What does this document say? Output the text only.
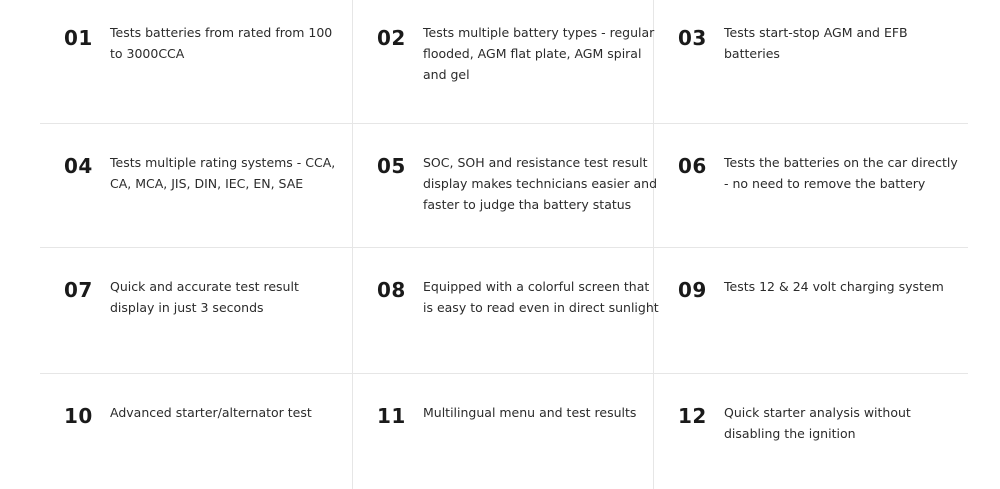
01 Tests batteries from rated from 100 to 3000CCA
02 Tests multiple battery types - regular flooded, AGM flat plate, AGM spiral and gel
03 Tests start-stop AGM and EFB batteries
04 Tests multiple rating systems - CCA, CA, MCA, JIS, DIN, IEC, EN, SAE
05 SOC, SOH and resistance test result display makes technicians easier and faster to judge tha battery status
06 Tests the batteries on the car directly - no need to remove the battery
07 Quick and accurate test result display in just 3 seconds
08 Equipped with a colorful screen that is easy to read even in direct sunlight
09 Tests 12 & 24 volt charging system
10 Advanced starter/alternator test	11 Multilingual menu and test results	12 Quick starter analysis without disabling the ignition
